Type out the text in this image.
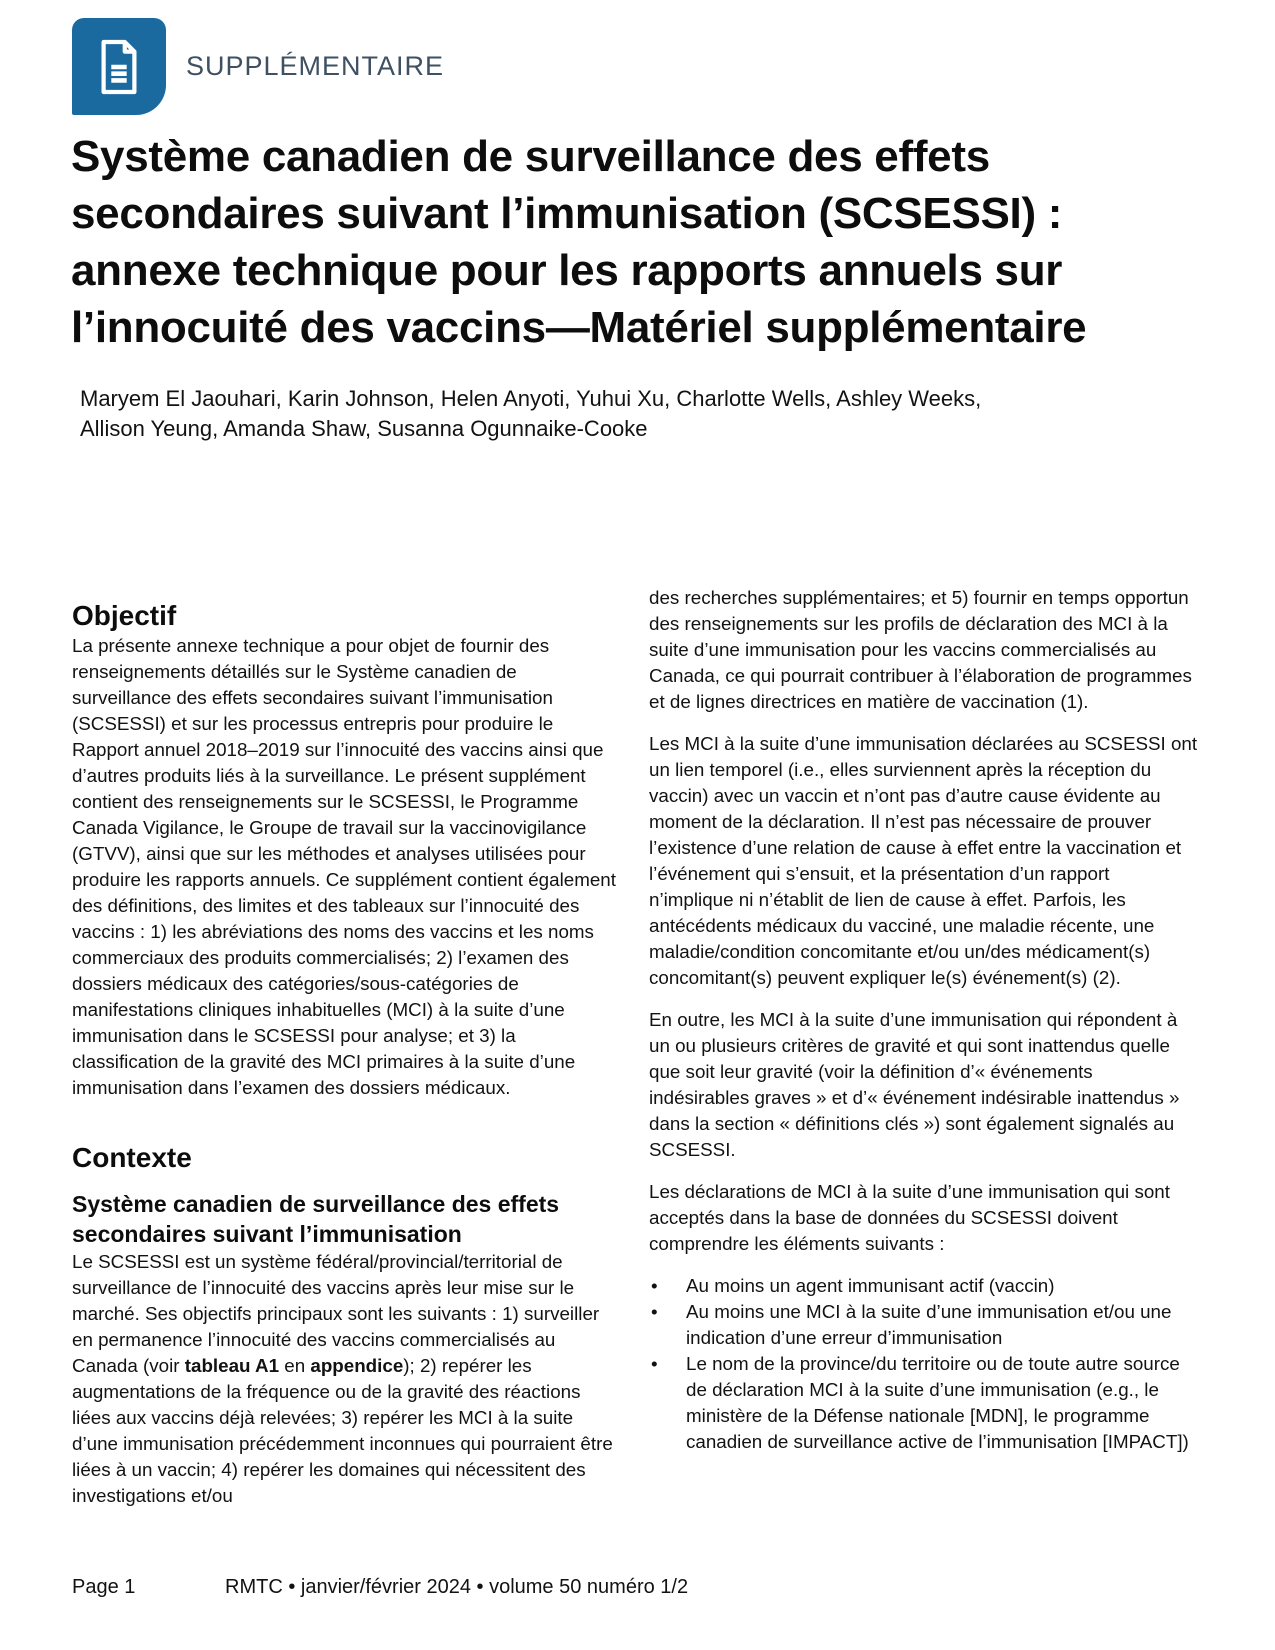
SUPPLÉMENTAIRE
Système canadien de surveillance des effets
secondaires suivant l’immunisation (SCSESSI) :
annexe technique pour les rapports annuels sur
l’innocuité des vaccins—Matériel supplémentaire

Maryem El Jaouhari, Karin Johnson, Helen Anyoti, Yuhui Xu, Charlotte Wells, Ashley Weeks,
Allison Yeung, Amanda Shaw, Susanna Ogunnaike-Cooke

Objectif

La présente annexe technique a pour objet de fournir des renseignements détaillés sur le Système canadien de surveillance des effets secondaires suivant l’immunisation (SCSESSI) et sur les processus entrepris pour produire le Rapport annuel 2018–2019 sur l’innocuité des vaccins ainsi que d’autres produits liés à la surveillance. Le présent supplément contient des renseignements sur le SCSESSI, le Programme Canada Vigilance, le Groupe de travail sur la vaccinovigilance (GTVV), ainsi que sur les méthodes et analyses utilisées pour produire les rapports annuels. Ce supplément contient également des définitions, des limites et des tableaux sur l’innocuité des vaccins : 1) les abréviations des noms des vaccins et les noms commerciaux des produits commercialisés; 2) l’examen des dossiers médicaux des catégories/sous-catégories de manifestations cliniques inhabituelles (MCI) à la suite d’une immunisation dans le SCSESSI pour analyse; et 3) la classification de la gravité des MCI primaires à la suite d’une immunisation dans l’examen des dossiers médicaux.

Contexte
Système canadien de surveillance des effets
secondaires suivant l’immunisation

Le SCSESSI est un système fédéral/provincial/territorial de surveillance de l’innocuité des vaccins après leur mise sur le marché. Ses objectifs principaux sont les suivants : 1) surveiller en permanence l’innocuité des vaccins commercialisés au Canada (voir tableau A1 en appendice); 2) repérer les augmentations de la fréquence ou de la gravité des réactions liées aux vaccins déjà relevées; 3) repérer les MCI à la suite d’une immunisation précédemment inconnues qui pourraient être liées à un vaccin; 4) repérer les domaines qui nécessitent des investigations et/ou

des recherches supplémentaires; et 5) fournir en temps opportun des renseignements sur les profils de déclaration des MCI à la suite d’une immunisation pour les vaccins commercialisés au Canada, ce qui pourrait contribuer à l’élaboration de programmes et de lignes directrices en matière de vaccination (1).

Les MCI à la suite d’une immunisation déclarées au SCSESSI ont un lien temporel (i.e., elles surviennent après la réception du vaccin) avec un vaccin et n’ont pas d’autre cause évidente au moment de la déclaration. Il n’est pas nécessaire de prouver l’existence d’une relation de cause à effet entre la vaccination et l’événement qui s’ensuit, et la présentation d’un rapport n’implique ni n’établit de lien de cause à effet. Parfois, les antécédents médicaux du vacciné, une maladie récente, une maladie/condition concomitante et/ou un/des médicament(s) concomitant(s) peuvent expliquer le(s) événement(s) (2).

En outre, les MCI à la suite d’une immunisation qui répondent à un ou plusieurs critères de gravité et qui sont inattendus quelle que soit leur gravité (voir la définition d’« événements indésirables graves » et d’« événement indésirable inattendus » dans la section « définitions clés ») sont également signalés au SCSESSI.

Les déclarations de MCI à la suite d’une immunisation qui sont acceptés dans la base de données du SCSESSI doivent comprendre les éléments suivants :

• Au moins un agent immunisant actif (vaccin)
• Au moins une MCI à la suite d’une immunisation et/ou une indication d’une erreur d’immunisation
• Le nom de la province/du territoire ou de toute autre source de déclaration MCI à la suite d’une immunisation (e.g., le ministère de la Défense nationale [MDN], le programme canadien de surveillance active de l’immunisation [IMPACT])
Page 1	RMTC • janvier/février 2024 • volume 50 numéro 1/2
